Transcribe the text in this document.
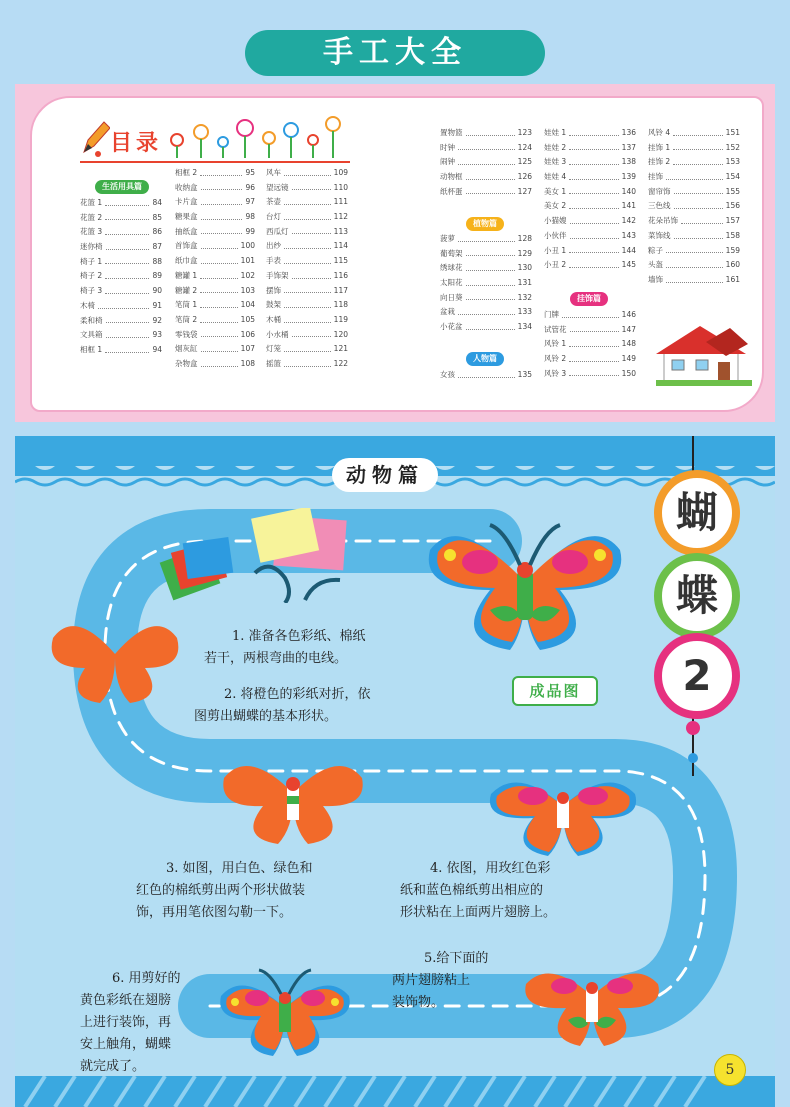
手工大全
目录
生活用具篇
植物篇
人物篇
挂饰篇
花篮 1	84
花篮 2	85
花篮 3	86
迷你椅	87
椅子 1	88
椅子 2	89
椅子 3	90
木椅	91
柔和椅	92
文具箱	93
相框 1	94
相框 2	95
收纳盒	96
卡片盒	97
糖果盒	98
抽纸盒	99
首饰盒	100
纸巾盒	101
糖罐 1	102
糖罐 2	103
笔筒 1	104
笔筒 2	105
零钱袋	106
烟灰缸	107
杂物盒	108
风车	109
望远镜	110
茶壶	111
台灯	112
西瓜灯	113
出纱	114
手表	115
手饰架	116
摆饰	117
鼓架	118
木桶	119
小水桶	120
灯笼	121
摇篮	122
置物篮	123
时钟	124
闹钟	125
动物框	126
纸杯蛋	127
菠萝	128
葡萄架	129
绣球花	130
太阳花	131
向日葵	132
盆栽	133
小花盆	134
女孩	135
娃娃 1	136
娃娃 2	137
娃娃 3	138
娃娃 4	139
美女 1	140
美女 2	141
小猫嫂	142
小伙伴	143
小丑 1	144
小丑 2	145
门牌	146
试管花	147
风铃 1	148
风铃 2	149
风铃 3	150
风铃 4	151
挂饰 1	152
挂饰 2	153
挂饰	154
窗帘饰	155
三色线	156
花朵吊饰	157
菜饰线	158
粽子	159
头盔	160
墙饰	161
动物篇
蝴
蝶
2
成品图
1. 准备各色彩纸、棉纸
若干，两根弯曲的电线。
2. 将橙色的彩纸对折，依
图剪出蝴蝶的基本形状。
3. 如图，用白色、绿色和
红色的棉纸剪出两个形状做装
饰，再用笔依图勾勒一下。
4. 依图，用玫红色彩
纸和蓝色棉纸剪出相应的
形状粘在上面两片翅膀上。
5.给下面的
两片翅膀粘上
装饰物。
6. 用剪好的
黄色彩纸在翅膀
上进行装饰，再
安上触角，蝴蝶
就完成了。	5
